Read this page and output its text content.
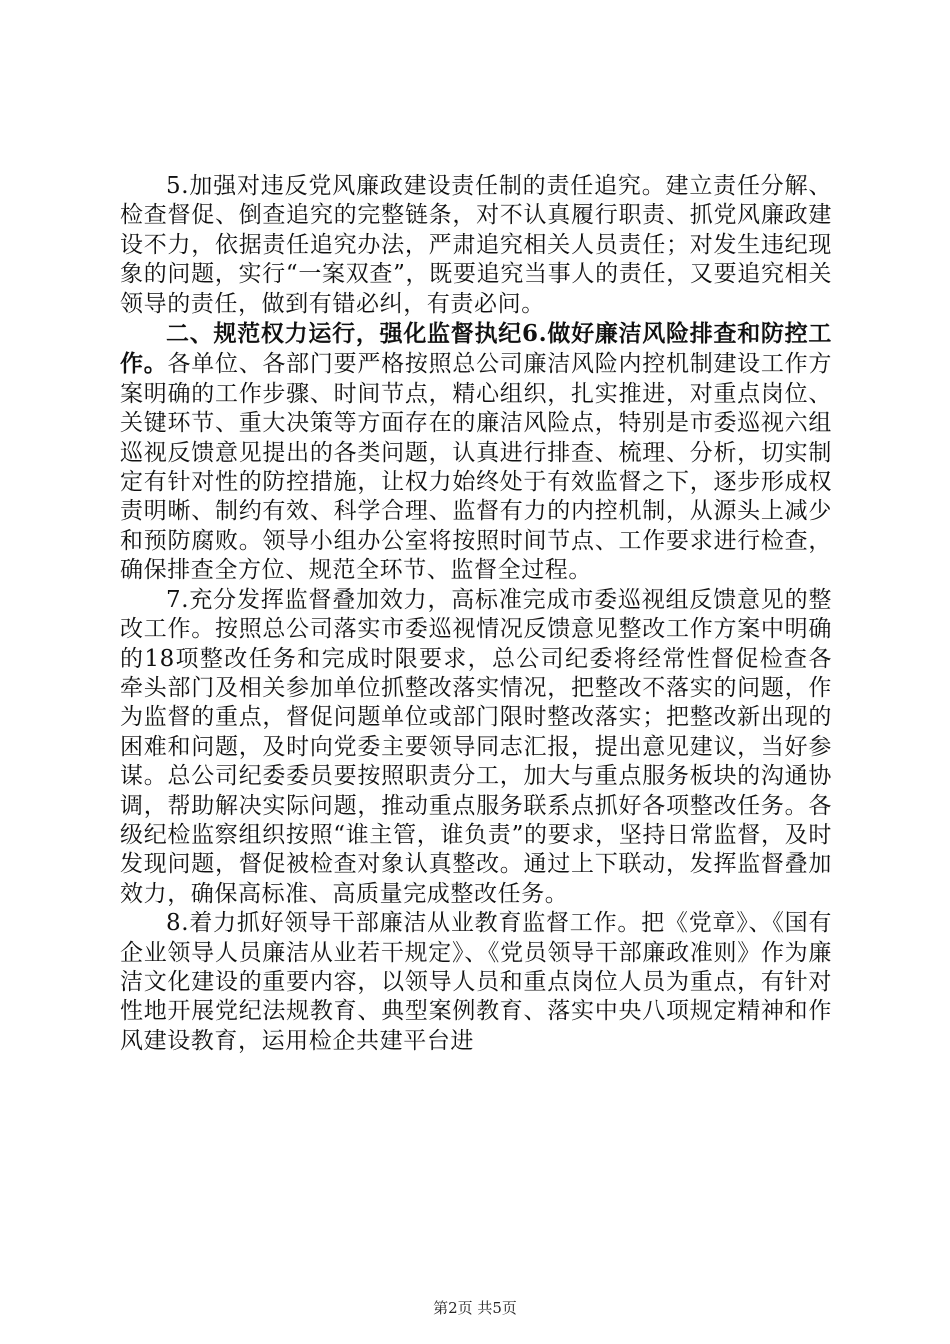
5.加强对违反党风廉政建设责任制的责任追究。建立责任分解、检查督促、倒查追究的完整链条，对不认真履行职责、抓党风廉政建设不力，依据责任追究办法，严肃追究相关人员责任；对发生违纪现象的问题，实行“一案双查”，既要追究当事人的责任，又要追究相关领导的责任，做到有错必纠，有责必问。

二、规范权力运行，强化监督执纪6.做好廉洁风险排查和防控工作。各单位、各部门要严格按照总公司廉洁风险内控机制建设工作方案明确的工作步骤、时间节点，精心组织，扎实推进，对重点岗位、关键环节、重大决策等方面存在的廉洁风险点，特别是市委巡视六组巡视反馈意见提出的各类问题，认真进行排查、梳理、分析，切实制定有针对性的防控措施，让权力始终处于有效监督之下，逐步形成权责明晰、制约有效、科学合理、监督有力的内控机制，从源头上减少和预防腐败。领导小组办公室将按照时间节点、工作要求进行检查，确保排查全方位、规范全环节、监督全过程。

7.充分发挥监督叠加效力，高标准完成市委巡视组反馈意见的整改工作。按照总公司落实市委巡视情况反馈意见整改工作方案中明确的18项整改任务和完成时限要求，总公司纪委将经常性督促检查各牵头部门及相关参加单位抓整改落实情况，把整改不落实的问题，作为监督的重点，督促问题单位或部门限时整改落实；把整改新出现的困难和问题，及时向党委主要领导同志汇报，提出意见建议，当好参谋。总公司纪委委员要按照职责分工，加大与重点服务板块的沟通协调，帮助解决实际问题，推动重点服务联系点抓好各项整改任务。各级纪检监察组织按照“谁主管，谁负责”的要求，坚持日常监督，及时发现问题，督促被检查对象认真整改。通过上下联动，发挥监督叠加效力，确保高标准、高质量完成整改任务。

8.着力抓好领导干部廉洁从业教育监督工作。把《党章》、《国有企业领导人员廉洁从业若干规定》、《党员领导干部廉政准则》作为廉洁文化建设的重要内容，以领导人员和重点岗位人员为重点，有针对性地开展党纪法规教育、典型案例教育、落实中央八项规定精神和作风建设教育，运用检企共建平台进

第2页 共5页
